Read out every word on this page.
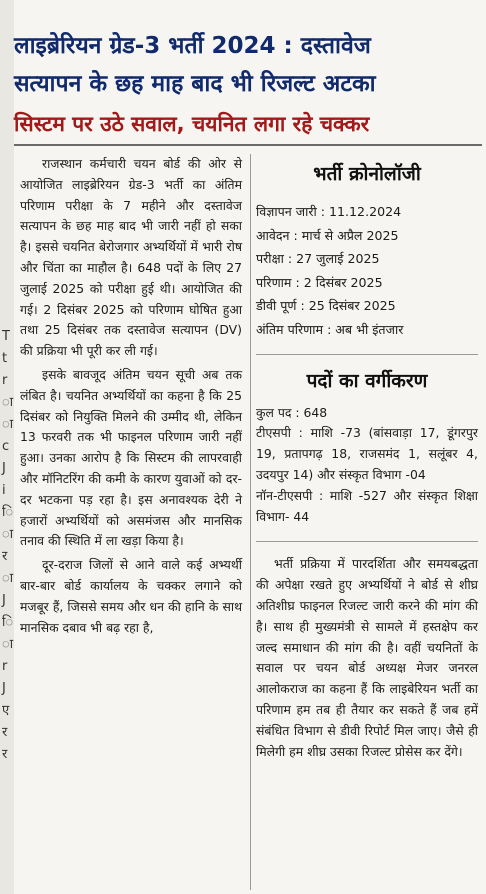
T
t
r
ा
ा
c
J
i
ि
ा
र
ा
J
ि
ा
r
J
ए
र
र
लाइब्रेरियन ग्रेड-3 भर्ती 2024 : दस्तावेज
सत्यापन के छह माह बाद भी रिजल्ट अटका
सिस्टम पर उठे सवाल, चयनित लगा रहे चक्कर

राजस्थान कर्मचारी चयन बोर्ड की ओर से आयोजित लाइब्रेरियन ग्रेड-3 भर्ती का अंतिम परिणाम परीक्षा के 7 महीने और दस्तावेज सत्यापन के छह माह बाद भी जारी नहीं हो सका है। इससे चयनित बेरोजगार अभ्यर्थियों में भारी रोष और चिंता का माहौल है। 648 पदों के लिए 27 जुलाई 2025 को परीक्षा हुई थी। आयोजित की गई। 2 दिसंबर 2025 को परिणाम घोषित हुआ तथा 25 दिसंबर तक दस्तावेज सत्यापन (DV) की प्रक्रिया भी पूरी कर ली गई।

इसके बावजूद अंतिम चयन सूची अब तक लंबित है। चयनित अभ्यर्थियों का कहना है कि 25 दिसंबर को नियुक्ति मिलने की उम्मीद थी, लेकिन 13 फरवरी तक भी फाइनल परिणाम जारी नहीं हुआ। उनका आरोप है कि सिस्टम की लापरवाही और मॉनिटरिंग की कमी के कारण युवाओं को दर-दर भटकना पड़ रहा है। इस अनावश्यक देरी ने हजारों अभ्यर्थियों को असमंजस और मानसिक तनाव की स्थिति में ला खड़ा किया है।

दूर-दराज जिलों से आने वाले कई अभ्यर्थी बार-बार बोर्ड कार्यालय के चक्कर लगाने को मजबूर हैं, जिससे समय और धन की हानि के साथ मानसिक दबाव भी बढ़ रहा है,

भर्ती क्रोनोलॉजी
विज्ञापन जारी : 11.12.2024
आवेदन : मार्च से अप्रैल 2025
परीक्षा : 27 जुलाई 2025
परिणाम : 2 दिसंबर 2025
डीवी पूर्ण : 25 दिसंबर 2025
अंतिम परिणाम : अब भी इंतजार
पदों का वर्गीकरण
कुल पद : 648
टीएसपी : माशि -73 (बांसवाड़ा 17, डूंगरपुर 19, प्रतापगढ़ 18, राजसमंद 1, सलूंबर 4, उदयपुर 14) और संस्कृत विभाग -04
नॉन-टीएसपी : माशि -527 और संस्कृत शिक्षा विभाग- 44

भर्ती प्रक्रिया में पारदर्शिता और समयबद्धता की अपेक्षा रखते हुए अभ्यर्थियों ने बोर्ड से शीघ्र अतिशीघ्र फाइनल रिजल्ट जारी करने की मांग की है। साथ ही मुख्यमंत्री से सामले में हस्तक्षेप कर जल्द समाधान की मांग की है। वहीं चयनितों के सवाल पर चयन बोर्ड अध्यक्ष मेजर जनरल आलोकराज का कहना हैं कि लाइबेरियन भर्ती का परिणाम हम तब ही तैयार कर सकते हैं जब हमें संबंधित विभाग से डीवी रिपोर्ट मिल जाए। जैसे ही मिलेगी हम शीघ्र उसका रिजल्ट प्रोसेस कर देंगे।
